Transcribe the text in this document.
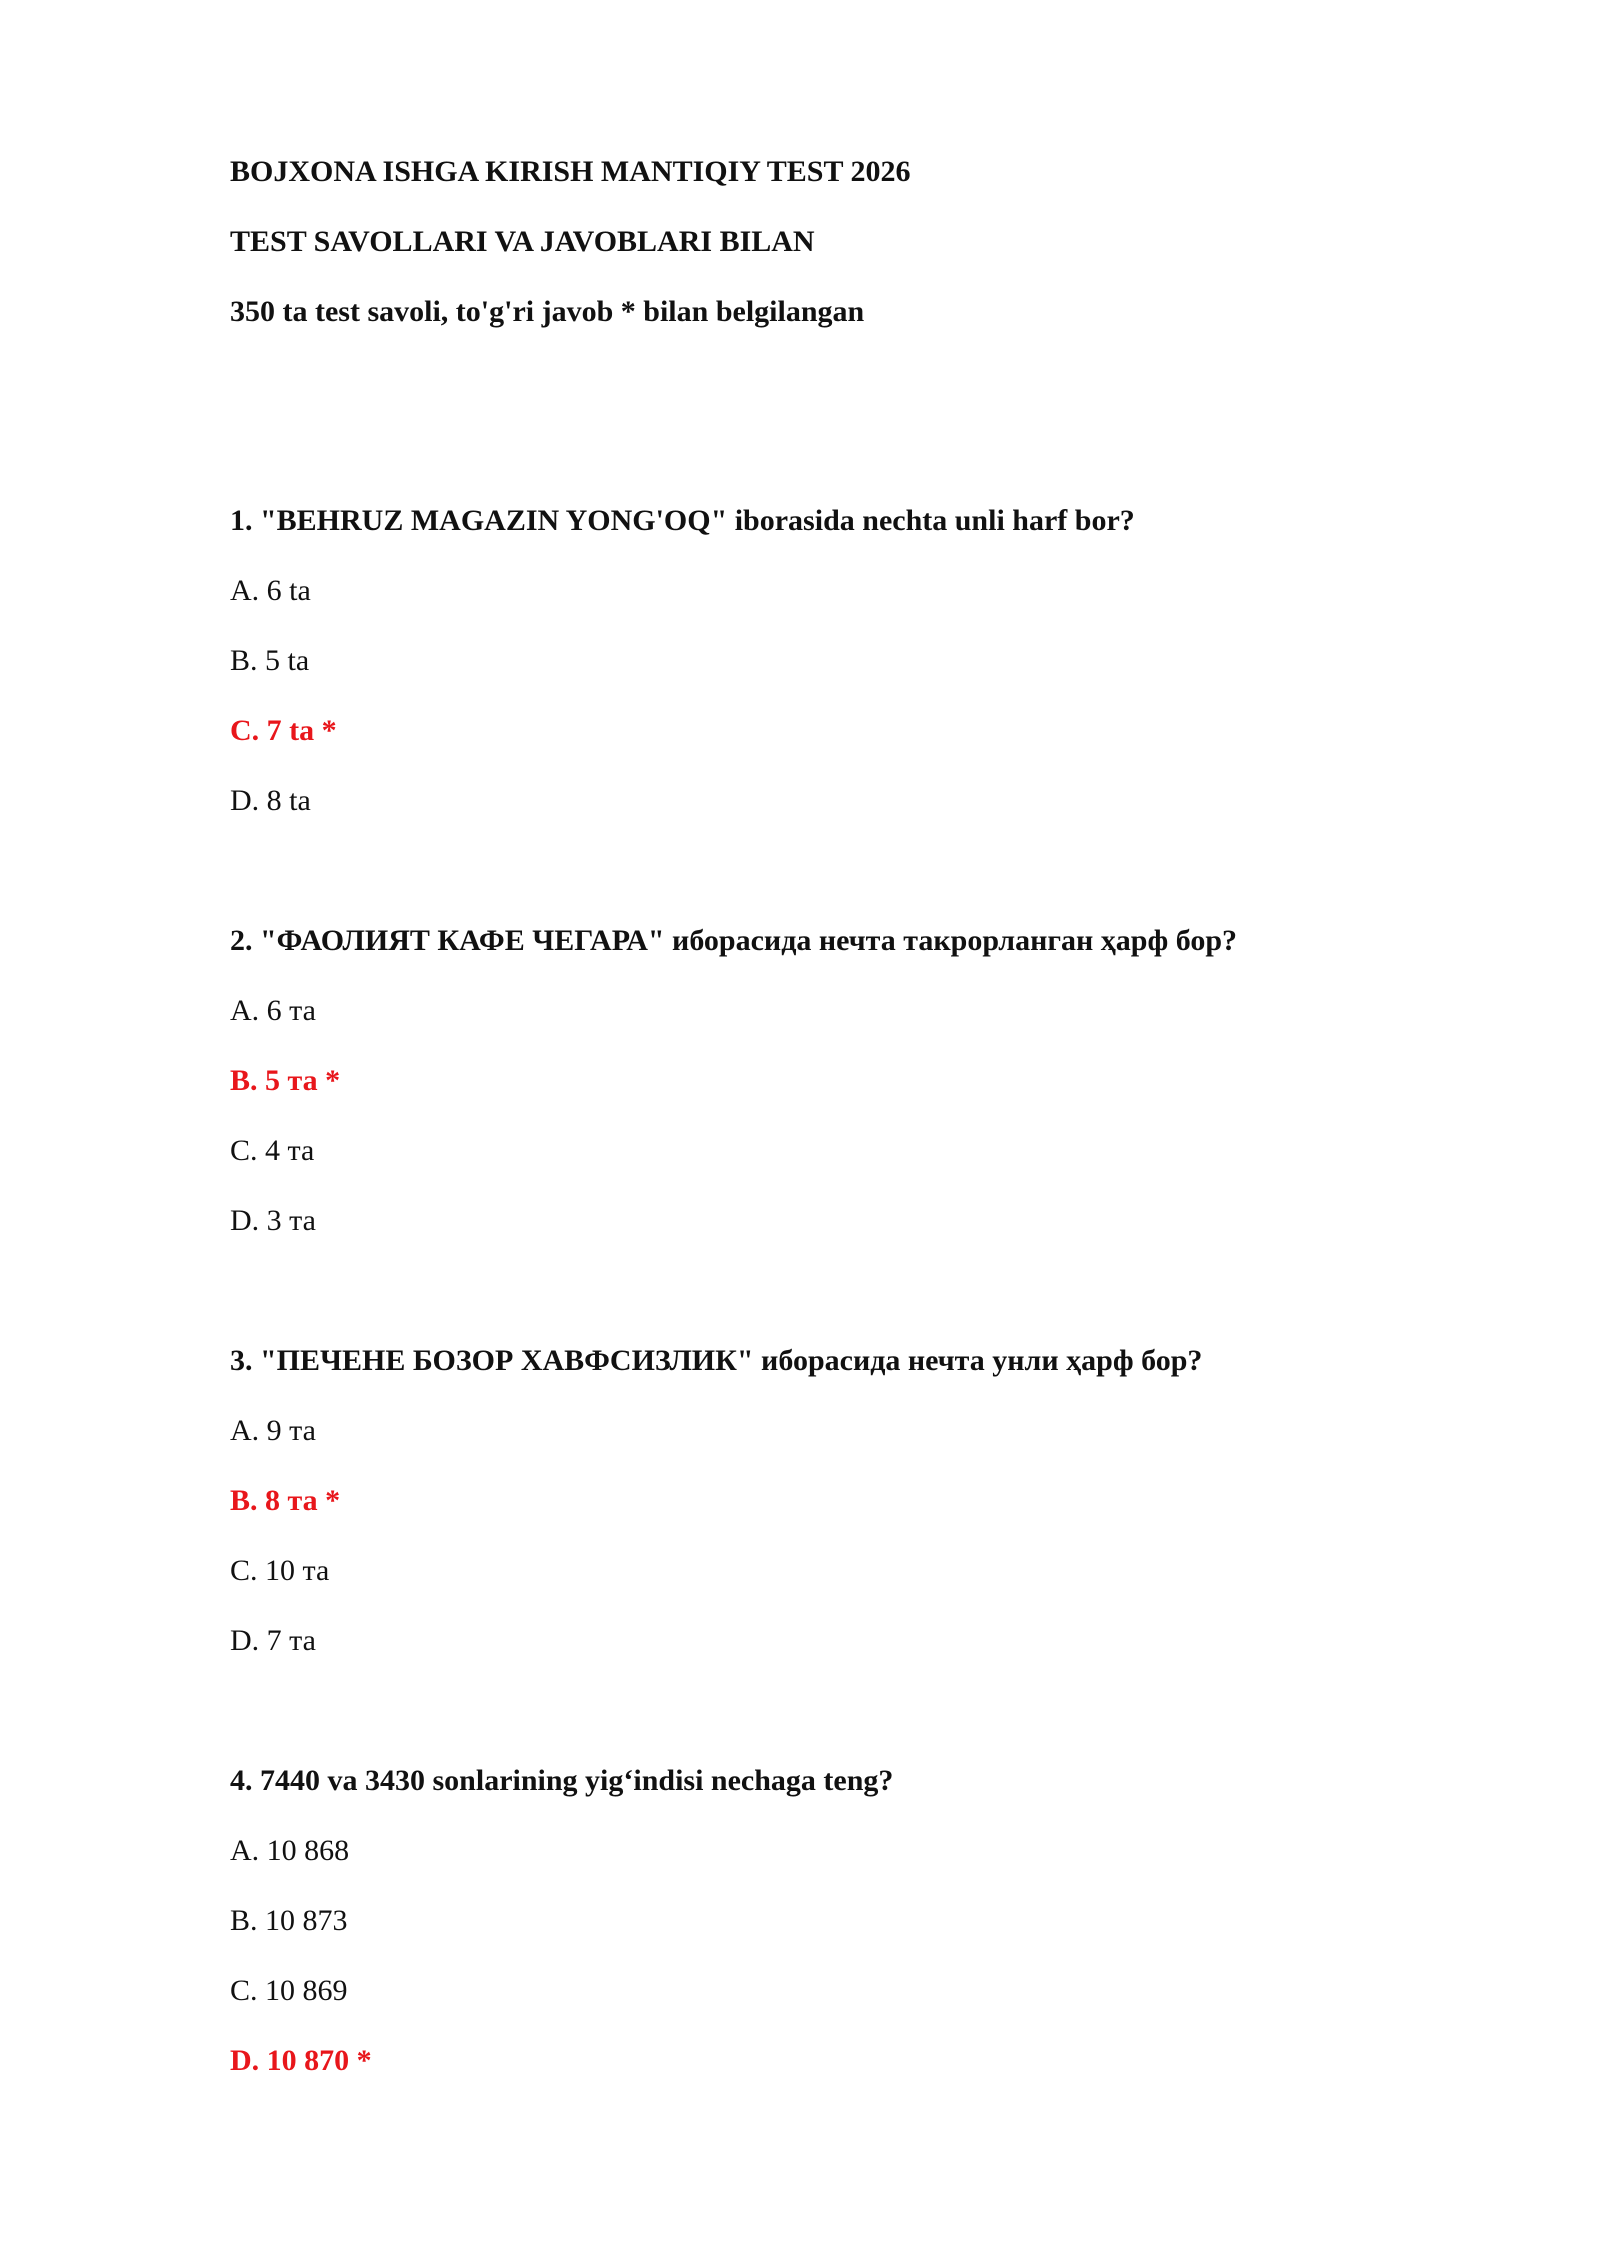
BOJXONA ISHGA KIRISH MANTIQIY TEST 2026
TEST SAVOLLARI VA JAVOBLARI BILAN
350 ta test savoli, to'g'ri javob * bilan belgilangan
1. "BEHRUZ MAGAZIN YONG'OQ" iborasida nechta unli harf bor?
A. 6 ta
B. 5 ta
C. 7 ta *
D. 8 ta
2. "ФАОЛИЯТ КАФЕ ЧЕГАРА" иборасида нечта такрорланган ҳарф бор?
A. 6 та
B. 5 та *
C. 4 та
D. 3 та
3. "ПЕЧЕНЕ БОЗОР ХАВФСИЗЛИК" иборасида нечта унли ҳарф бор?
A. 9 та
B. 8 та *
C. 10 та
D. 7 та
4. 7440 va 3430 sonlarining yig‘indisi nechaga teng?
A. 10 868
B. 10 873
C. 10 869
D. 10 870 *
